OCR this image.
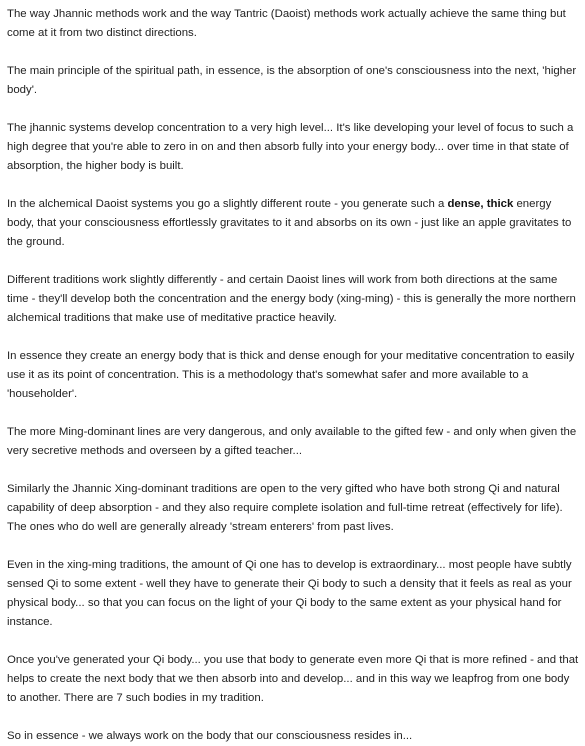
The way Jhannic methods work and the way Tantric (Daoist) methods work actually achieve the same thing but come at it from two distinct directions.

The main principle of the spiritual path, in essence, is the absorption of one's consciousness into the next, 'higher body'.

The jhannic systems develop concentration to a very high level... It's like developing your level of focus to such a high degree that you're able to zero in on and then absorb fully into your energy body... over time in that state of absorption, the higher body is built.

In the alchemical Daoist systems you go a slightly different route - you generate such a dense, thick energy body, that your consciousness effortlessly gravitates to it and absorbs on its own - just like an apple gravitates to the ground.

Different traditions work slightly differently - and certain Daoist lines will work from both directions at the same time - they'll develop both the concentration and the energy body (xing-ming) - this is generally the more northern alchemical traditions that make use of meditative practice heavily.

In essence they create an energy body that is thick and dense enough for your meditative concentration to easily use it as its point of concentration. This is a methodology that's somewhat safer and more available to a 'householder'.

The more Ming-dominant lines are very dangerous, and only available to the gifted few - and only when given the very secretive methods and overseen by a gifted teacher...

Similarly the Jhannic Xing-dominant traditions are open to the very gifted who have both strong Qi and natural capability of deep absorption - and they also require complete isolation and full-time retreat (effectively for life). The ones who do well are generally already 'stream enterers' from past lives.

Even in the xing-ming traditions, the amount of Qi one has to develop is extraordinary... most people have subtly sensed Qi to some extent - well they have to generate their Qi body to such a density that it feels as real as your physical body... so that you can focus on the light of your Qi body to the same extent as your physical hand for instance.

Once you've generated your Qi body... you use that body to generate even more Qi that is more refined - and that helps to create the next body that we then absorb into and develop... and in this way we leapfrog from one body to another. There are 7 such bodies in my tradition.

So in essence - we always work on the body that our consciousness resides in...
